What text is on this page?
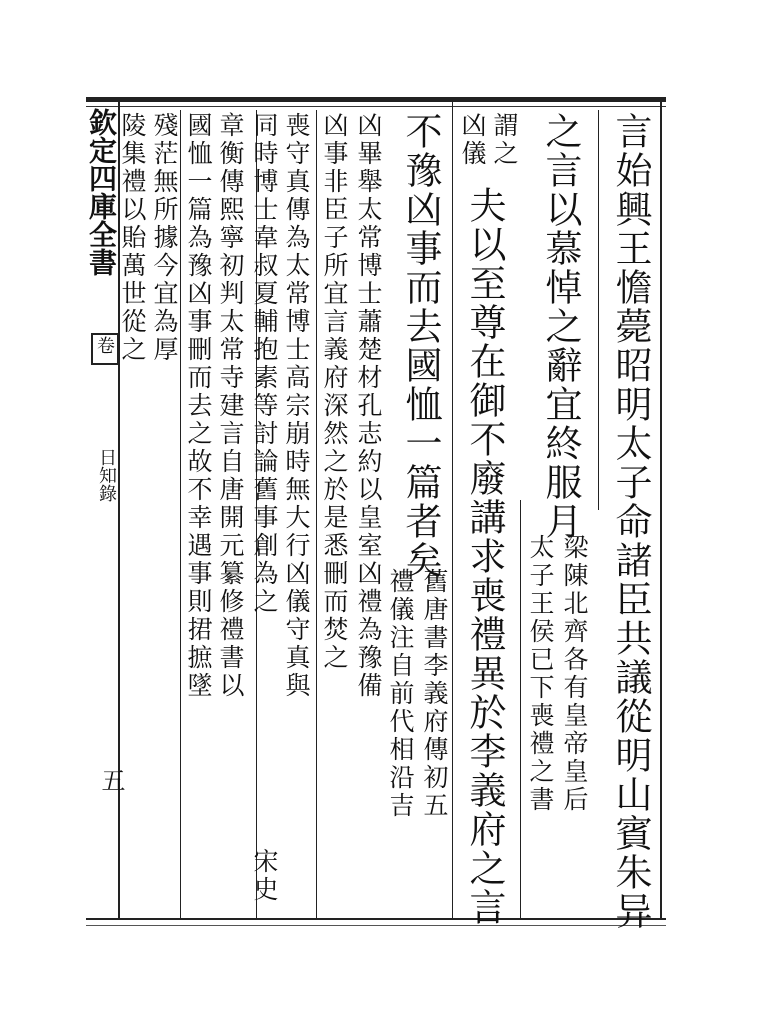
欽定四庫全書
卷
日知錄
五	言始興王憺薨昭明太子命諸臣共議從明山賓朱异
之言以慕悼之辭宜終服月
梁陳北齊各有皇帝皇后
太子王侯已下喪禮之書
謂之
凶儀
夫以至尊在御不廢講求喪禮異於李義府之言
不豫凶事而去國恤一篇者矣
舊唐書李義府傳初五
禮儀注自前代相沿吉
凶畢舉太常博士蕭楚材孔志約以皇室凶禮為豫備
凶事非臣子所宜言義府深然之於是悉刪而焚之
喪守真傳為太常博士高宗崩時無大行凶儀守真與
同時博士韋叔夏輔抱素等討論舊事創為之
宋史
章衡傳熙寧初判太常寺建言自唐開元纂修禮書以
國恤一篇為豫凶事刪而去之故不幸遇事則捃摭墜
殘茫無所據今宜為厚
陵集禮以貽萬世從之
